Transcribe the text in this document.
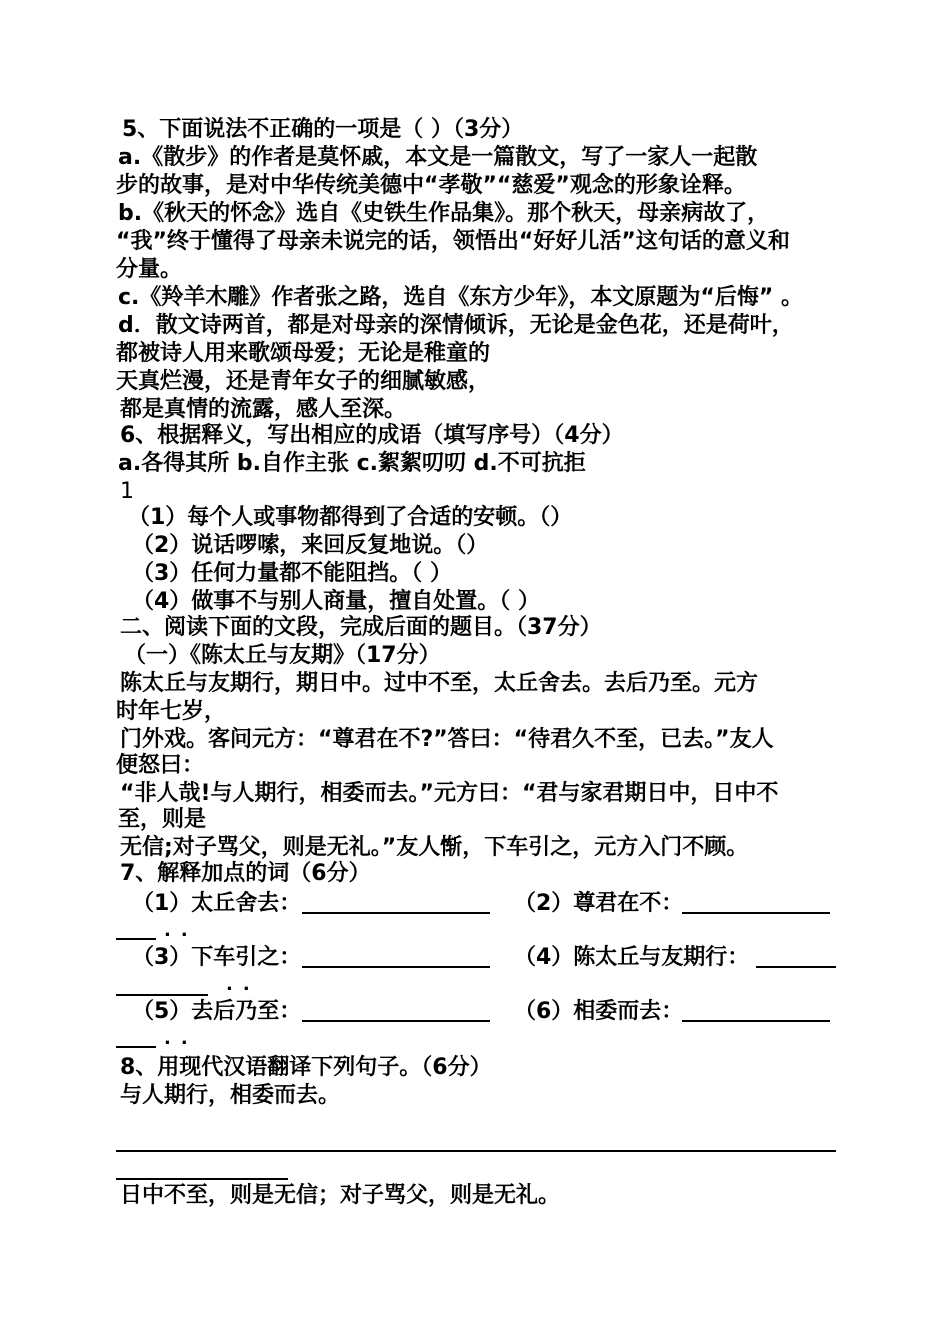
5、下面说法不正确的一项是（ ）（3分）
a.《散步》的作者是莫怀戚，本文是一篇散文，写了一家人一起散
步的故事，是对中华传统美德中“孝敬”“慈爱”观念的形象诠释。
b.《秋天的怀念》选自《史铁生作品集》。那个秋天，母亲病故了，
“我”终于懂得了母亲未说完的话，领悟出“好好儿活”这句话的意义和
分量。
c.《羚羊木雕》作者张之路，选自《东方少年》，本文原题为“后悔” 。
d．散文诗两首，都是对母亲的深情倾诉，无论是金色花，还是荷叶，
都被诗人用来歌颂母爱；无论是稚童的
天真烂漫，还是青年女子的细腻敏感，
都是真情的流露，感人至深。
6、根据释义，写出相应的成语（填写序号）（4分）
a.各得其所 b.自作主张 c.絮絮叨叨 d.不可抗拒
1
（1）每个人或事物都得到了合适的安顿。（）
（2）说话啰嗦，来回反复地说。（）
（3）任何力量都不能阻挡。（ ）
（4）做事不与别人商量，擅自处置。（ ）
二、阅读下面的文段，完成后面的题目。（37分）
（一）《陈太丘与友期》（17分）
陈太丘与友期行，期日中。过中不至，太丘舍去。去后乃至。元方
时年七岁，
门外戏。客问元方：“尊君在不?”答曰：“待君久不至，已去。”友人
便怒曰：
“非人哉!与人期行，相委而去。”元方曰：“君与家君期日中，日中不
至，则是
无信;对子骂父，则是无礼。”友人惭，下车引之，元方入门不顾。
7、解释加点的词（6分）
（1）太丘舍去：	（2）尊君在不：
..
（3）下车引之：	（4）陈太丘与友期行：
..
（5）去后乃至：	（6）相委而去：
..
8、用现代汉语翻译下列句子。（6分）
与人期行，相委而去。
日中不至，则是无信；对子骂父，则是无礼。
